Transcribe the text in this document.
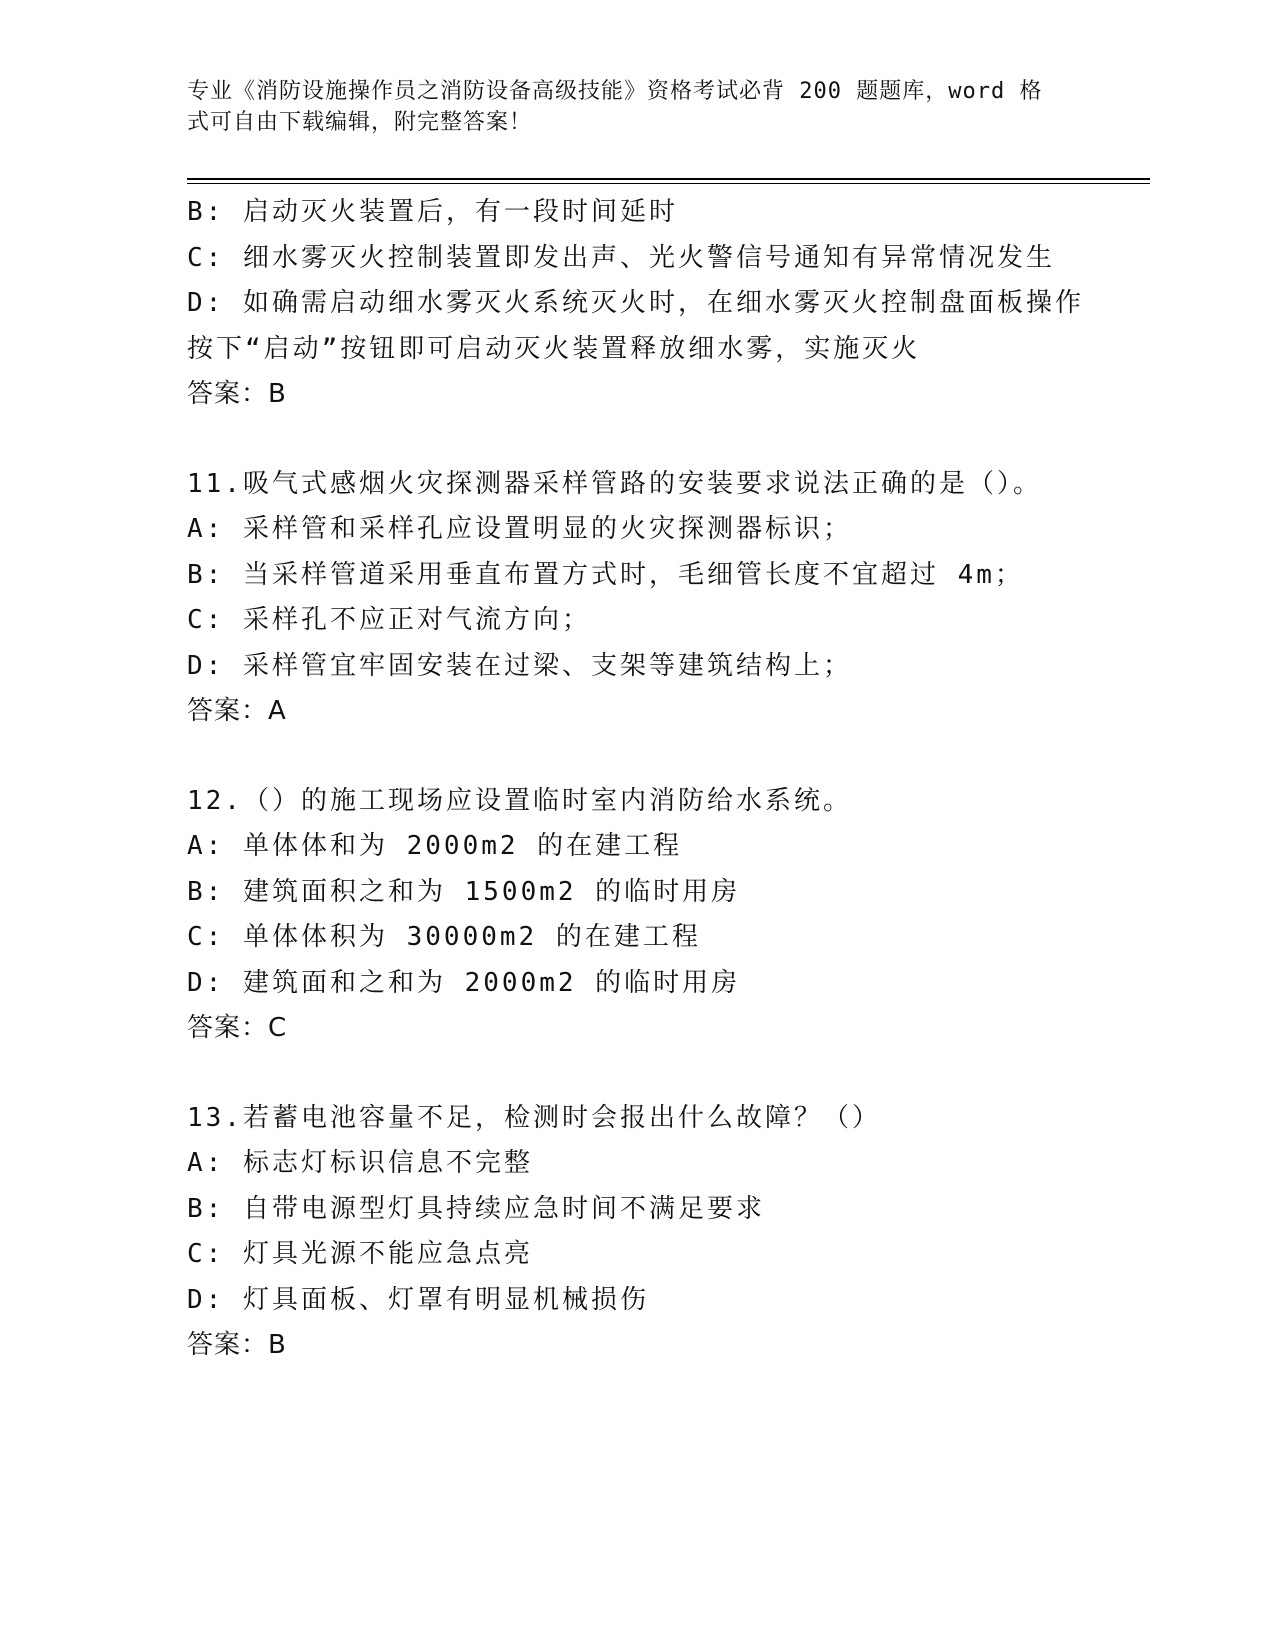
专业《消防设施操作员之消防设备高级技能》资格考试必背 200 题题库，word 格
式可自由下载编辑，附完整答案！
B: 启动灭火装置后，有一段时间延时
C: 细水雾灭火控制装置即发出声、光火警信号通知有异常情况发生
D: 如确需启动细水雾灭火系统灭火时，在细水雾灭火控制盘面板操作
按下“启动”按钮即可启动灭火装置释放细水雾，实施灭火
答案：B
11.吸气式感烟火灾探测器采样管路的安装要求说法正确的是（）。
A: 采样管和采样孔应设置明显的火灾探测器标识；
B: 当采样管道采用垂直布置方式时，毛细管长度不宜超过 4m；
C: 采样孔不应正对气流方向；
D: 采样管宜牢固安装在过梁、支架等建筑结构上；
答案：A
12.（）的施工现场应设置临时室内消防给水系统。
A: 单体体和为 2000m2 的在建工程
B: 建筑面积之和为 1500m2 的临时用房
C: 单体体积为 30000m2 的在建工程
D: 建筑面和之和为 2000m2 的临时用房
答案：C
13.若蓄电池容量不足，检测时会报出什么故障？（）
A: 标志灯标识信息不完整
B: 自带电源型灯具持续应急时间不满足要求
C: 灯具光源不能应急点亮
D: 灯具面板、灯罩有明显机械损伤
答案：B
